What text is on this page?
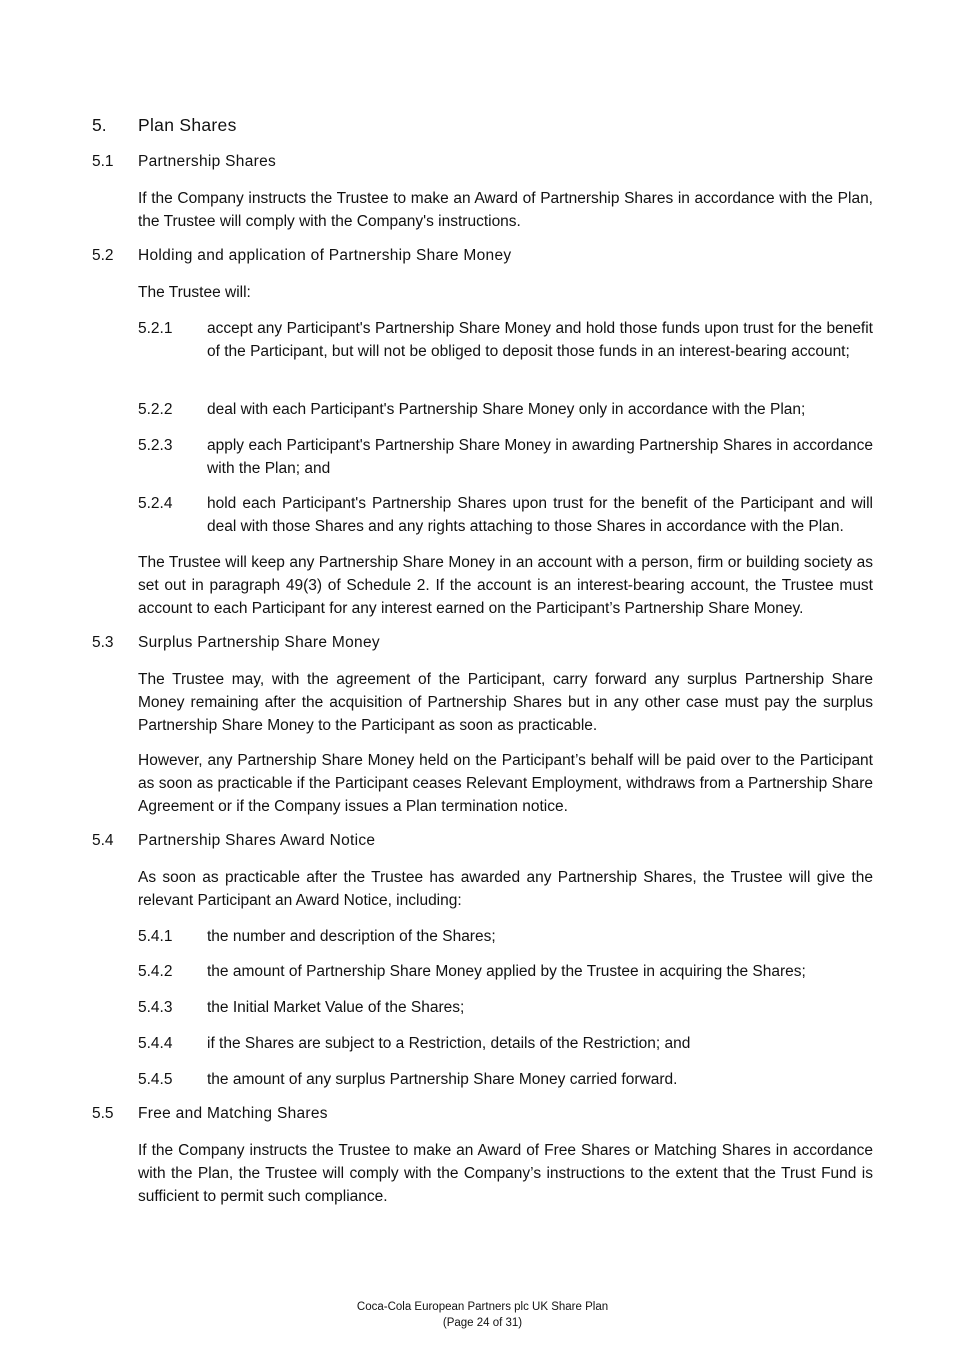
5. Plan Shares
5.1 Partnership Shares
If the Company instructs the Trustee to make an Award of Partnership Shares in accordance with the Plan, the Trustee will comply with the Company's instructions.
5.2 Holding and application of Partnership Share Money
The Trustee will:
5.2.1 accept any Participant's Partnership Share Money and hold those funds upon trust for the benefit of the Participant, but will not be obliged to deposit those funds in an interest-bearing account;
5.2.2 deal with each Participant's Partnership Share Money only in accordance with the Plan;
5.2.3 apply each Participant's Partnership Share Money in awarding Partnership Shares in accordance with the Plan; and
5.2.4 hold each Participant's Partnership Shares upon trust for the benefit of the Participant and will deal with those Shares and any rights attaching to those Shares in accordance with the Plan.
The Trustee will keep any Partnership Share Money in an account with a person, firm or building society as set out in paragraph 49(3) of Schedule 2. If the account is an interest-bearing account, the Trustee must account to each Participant for any interest earned on the Participant’s Partnership Share Money.
5.3 Surplus Partnership Share Money
The Trustee may, with the agreement of the Participant, carry forward any surplus Partnership Share Money remaining after the acquisition of Partnership Shares but in any other case must pay the surplus Partnership Share Money to the Participant as soon as practicable.
However, any Partnership Share Money held on the Participant’s behalf will be paid over to the Participant as soon as practicable if the Participant ceases Relevant Employment, withdraws from a Partnership Share Agreement or if the Company issues a Plan termination notice.
5.4 Partnership Shares Award Notice
As soon as practicable after the Trustee has awarded any Partnership Shares, the Trustee will give the relevant Participant an Award Notice, including:
5.4.1 the number and description of the Shares;
5.4.2 the amount of Partnership Share Money applied by the Trustee in acquiring the Shares;
5.4.3 the Initial Market Value of the Shares;
5.4.4 if the Shares are subject to a Restriction, details of the Restriction; and
5.4.5 the amount of any surplus Partnership Share Money carried forward.
5.5 Free and Matching Shares
If the Company instructs the Trustee to make an Award of Free Shares or Matching Shares in accordance with the Plan, the Trustee will comply with the Company’s instructions to the extent that the Trust Fund is sufficient to permit such compliance.
Coca-Cola European Partners plc UK Share Plan
(Page 24 of 31)
